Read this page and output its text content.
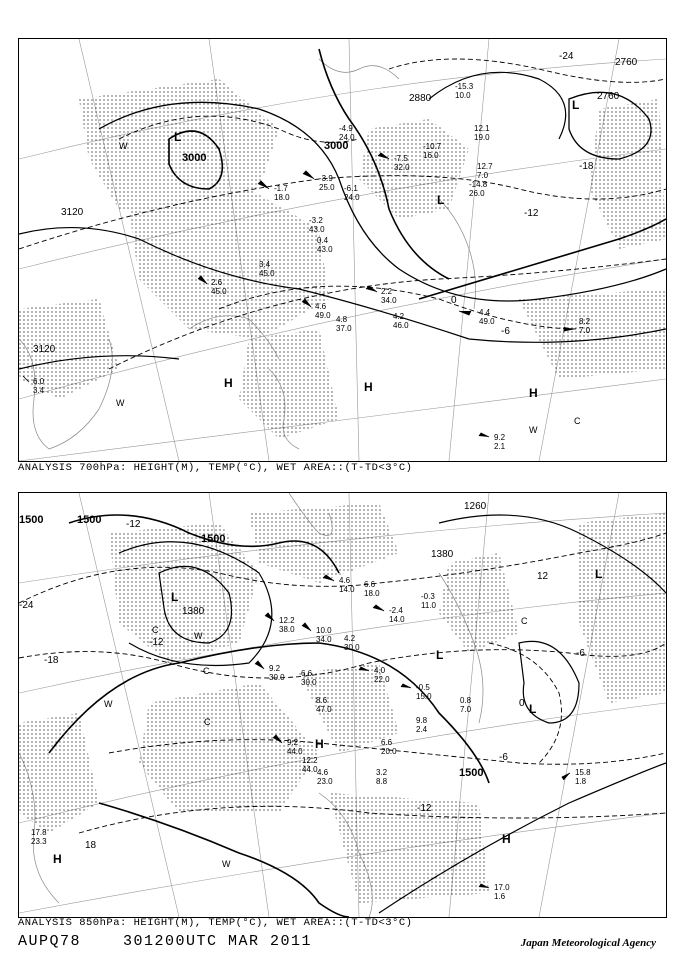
3000
3000
3120
3120
2880
2760
2760
-24
-18
-12
0
-6
L
L
L
H	H	H
W
W
W
C
-1.7
18.0
-3.9
25.0 -6.1
24.0
-7.5
32.0
-4.9
24.0
-3.2
43.0
0.4
43.0
2.6
45.0
3.4
45.0
4.6
49.0 4.8
37.0
2.2
34.0
4.2
46.0
4.4
49.0	8.2
7.0
12.1
19.0
12.7
7.0
-14.8
26.0
-10.7
16.0
-15.3
10.0
9.2
2.1
6.0
3.4
ANALYSIS 700hPa: HEIGHT(M), TEMP(°C), WET AREA::(T-TD<3°C)
1500
1500
1500
1500
1380
1380
1260
-12
-12
-6
-24
-18
-12
-6
0
12
18
L
L
L
L
H
H
H
W
W
W
C
C
C
C
4.6
14.0
6.6
18.0
-2.4
14.0
-0.3
11.0
10.0
34.0 4.2
30.0
12.2
38.0
9.2
30.0 6.6
30.0
8.6
47.0
4.0
22.0
-0.5
15.0	0.8
7.0
9.8
2.4
9.2
44.0
12.2
44.0 4.6
23.0
6.6
20.0
3.2
8.8
17.0
1.6
17.8
23.3
15.8
1.8
ANALYSIS 850hPa: HEIGHT(M), TEMP(°C), WET AREA::(T-TD<3°C)
AUPQ78	301200UTC MAR 2011	Japan Meteorological Agency
